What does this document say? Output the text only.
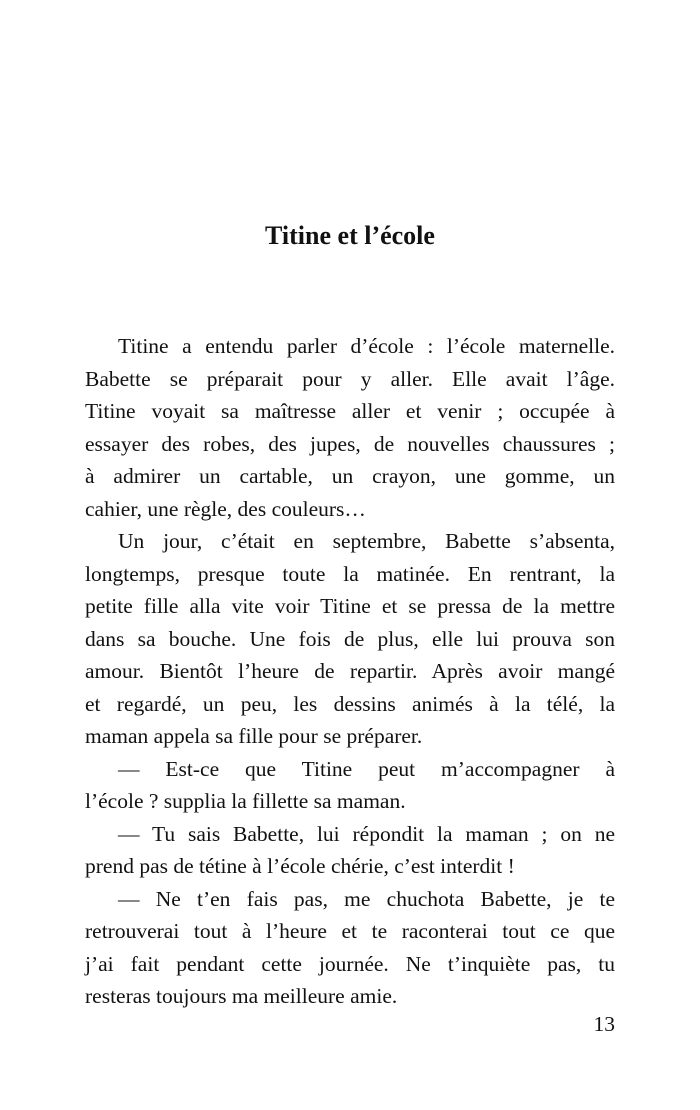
Titine et l’école
Titine a entendu parler d’école : l’école maternelle.
Babette se préparait pour y aller. Elle avait l’âge.
Titine voyait sa maîtresse aller et venir ; occupée à
essayer des robes, des jupes, de nouvelles chaussures ;
à admirer un cartable, un crayon, une gomme, un
cahier, une règle, des couleurs…
Un jour, c’était en septembre, Babette s’absenta,
longtemps, presque toute la matinée. En rentrant, la
petite fille alla vite voir Titine et se pressa de la mettre
dans sa bouche. Une fois de plus, elle lui prouva son
amour. Bientôt l’heure de repartir. Après avoir mangé
et regardé, un peu, les dessins animés à la télé, la
maman appela sa fille pour se préparer.
— Est-ce que Titine peut m’accompagner à
l’école ? supplia la fillette sa maman.
— Tu sais Babette, lui répondit la maman ; on ne
prend pas de tétine à l’école chérie, c’est interdit !
— Ne t’en fais pas, me chuchota Babette, je te
retrouverai tout à l’heure et te raconterai tout ce que
j’ai fait pendant cette journée. Ne t’inquiète pas, tu
resteras toujours ma meilleure amie.
13
